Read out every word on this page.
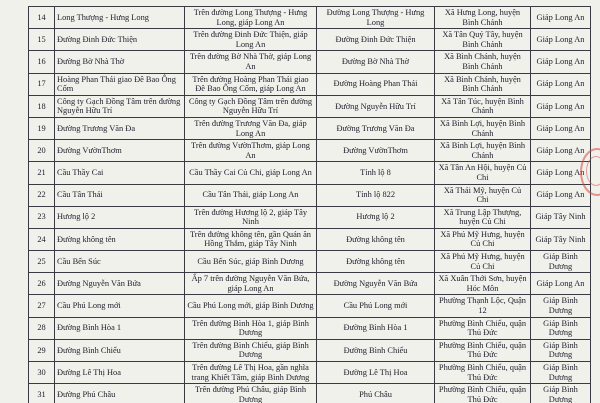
14	Long Thượng - Hưng Long	Trên đường Long Thượng - Hưng Long, giáp Long An	Đường Long Thượng - Hưng Long	Xã Hưng Long, huyện Bình Chánh	Giáp Long An
15	Đường Đinh Đức Thiện	Trên đường Đinh Đức Thiện, giáp Long An	Đường Đinh Đức Thiện	Xã Tân Quý Tây, huyện Bình Chánh	Giáp Long An
16	Đường Bờ Nhà Thờ	Trên đường Bờ Nhà Thờ, giáp Long An	Đường Bờ Nhà Thờ	Xã Bình Chánh, huyện Bình Chánh	Giáp Long An
17	Hoàng Phan Thái giao Đê Bao Ông Cốm	Trên đường Hoàng Phan Thái giao Đê Bao Ông Cốm, giáp Long An	Đường Hoàng Phan Thái	Xã Bình Chánh, huyện Bình Chánh	Giáp Long An
18	Công ty Gạch Đồng Tâm trên đường Nguyễn Hữu Trí	Công ty Gạch Đồng Tâm trên đường Nguyễn Hữu Trí	Đường Nguyễn Hữu Trí	Xã Tân Túc, huyện Bình Chánh	Giáp Long An
19	Đường Trương Văn Đa	Trên đường Trương Văn Đa, giáp Long An	Đường Trương Văn Đa	Xã Bình Lợi, huyện Bình Chánh	Giáp Long An
20	Đường VườnThơm	Trên đường VườnThơm, giáp Long An	Đường VườnThơm	Xã Bình Lợi, huyện Bình Chánh	Giáp Long An
21	Cầu Thầy Cai	Cầu Thầy Cai Củ Chi, giáp Long An	Tỉnh lộ 8	Xã Tân An Hội, huyện Củ Chi	Giáp Long An
22	Cầu Tân Thái	Cầu Tân Thái, giáp Long An	Tỉnh lộ 822	Xã Thái Mỹ, huyện Củ Chi	Giáp Long An
23	Hương lộ 2	Trên đường Hương lộ 2, giáp Tây Ninh	Hương lộ 2	Xã Trung Lập Thượng, huyện Củ Chi	Giáp Tây Ninh
24	Đường không tên	Trên đường không tên, gần Quán ăn Hồng Thắm, giáp Tây Ninh	Đường không tên	Xã Phú Mỹ Hưng, huyện Củ Chi	Giáp Tây Ninh
25	Cầu Bến Súc	Cầu Bến Súc, giáp Bình Dương	Đường không tên	Xã Phú Mỹ Hưng, huyện Củ Chi	Giáp Bình Dương
26	Đường Nguyễn Văn Bứa	Ấp 7 trên đường Nguyễn Văn Bứa, giáp Long An	Đường Nguyễn Văn Bứa	Xã Xuân Thới Sơn, huyện Hóc Môn	Giáp Long An
27	Cầu Phú Long mới	Cầu Phú Long mới, giáp Bình Dương	Cầu Phú Long mới	Phường Thạnh Lộc, Quận 12	Giáp Bình Dương
28	Đường Bình Hòa 1	Trên đường Bình Hòa 1, giáp Bình Dương	Đường Bình Hòa 1	Phường Bình Chiểu, quận Thủ Đức	Giáp Bình Dương
29	Đường Bình Chiểu	Trên đường Bình Chiểu, giáp Bình Dương	Đường Bình Chiểu	Phường Bình Chiểu, quận Thủ Đức	Giáp Bình Dương
30	Đường Lê Thị Hoa	Trên đường Lê Thị Hoa, gần nghĩa trang Khiết Tâm, giáp Bình Dương	Đường Lê Thị Hoa	Phường Bình Chiểu, quận Thủ Đức	Giáp Bình Dương
31	Đường Phú Châu	Trên đường Phú Châu, giáp Bình Dương	Phú Châu	Phường Bình Chiểu, quận Thủ Đức	Giáp Bình Dương
